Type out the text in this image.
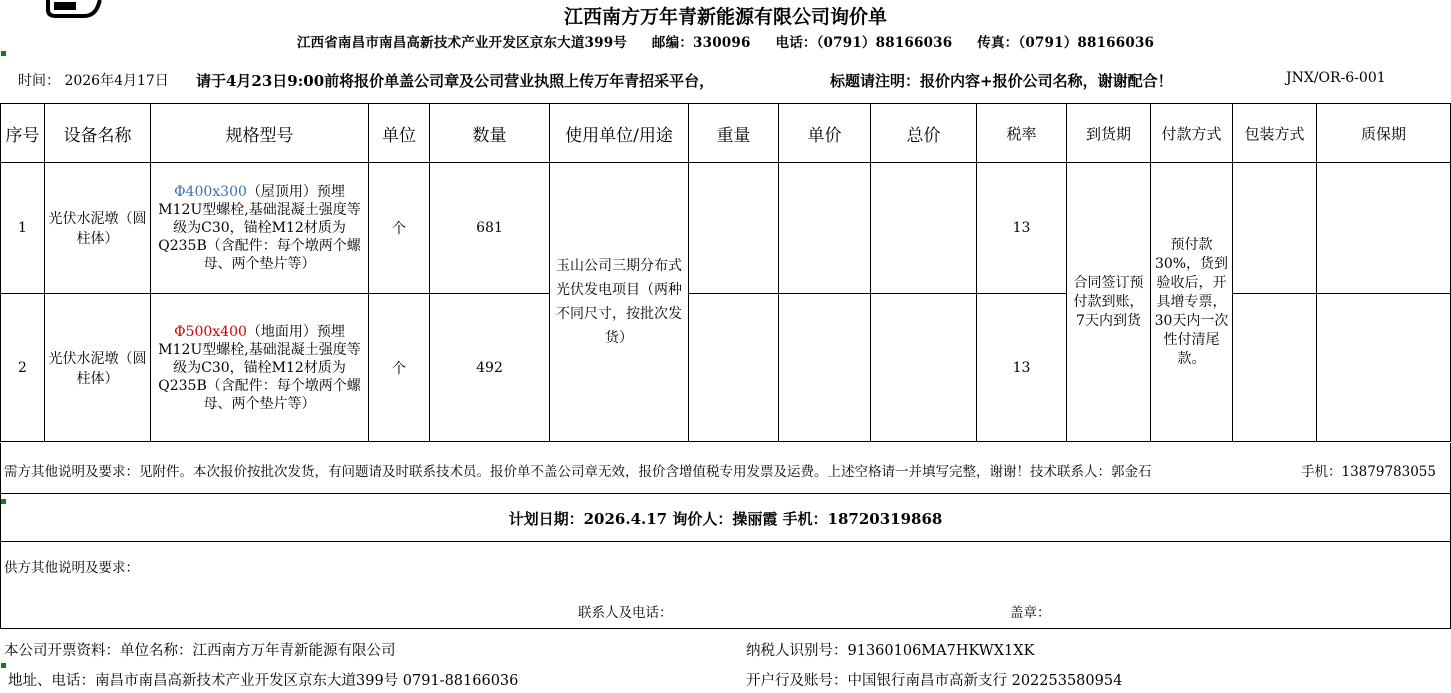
江西南方万年青新能源有限公司询价单
江西省南昌市南昌高新技术产业开发区京东大道399号 邮编：330096 电话：（0791）88166036 传真：（0791）88166036
时间： 2026年4月17日 请于4月23日9:00前将报价单盖公司章及公司营业执照上传万年青招采平台，	标题请注明：报价内容+报价公司名称，谢谢配合！	JNX/OR-6-001
序号	设备名称	规格型号	单位	数量	使用单位/用途	重量	单价	总价	税率	到货期	付款方式	包装方式	质保期
1	光伏水泥墩（圆柱体）	Φ400x300（屋顶用）预埋M12U型螺栓,基础混凝土强度等级为C30，锚栓M12材质为Q235B（含配件：每个墩两个螺母、两个垫片等）	个	681	玉山公司三期分布式光伏发电项目（两种不同尺寸，按批次发货）				13	合同签订预付款到账，7天内到货	预付款30%，货到验收后，开具增专票，30天内一次性付清尾款。		
2	光伏水泥墩（圆柱体）	Φ500x400（地面用）预埋M12U型螺栓,基础混凝土强度等级为C30，锚栓M12材质为Q235B（含配件：每个墩两个螺母、两个垫片等）	个	492					13				
需方其他说明及要求：见附件。本次报价按批次发货，有问题请及时联系技术员。报价单不盖公司章无效，报价含增值税专用发票及运费。上述空格请一并填写完整，谢谢！技术联系人：郭金石	手机：13879783055
计划日期：2026.4.17 询价人：操丽霞 手机：18720319868
供方其他说明及要求：
联系人及电话：	盖章：
本公司开票资料：单位名称：江西南方万年青新能源有限公司	纳税人识别号：91360106MA7HKWX1XK
地址、电话：南昌市南昌高新技术产业开发区京东大道399号 0791-88166036	开户行及账号：中国银行南昌市高新支行 202253580954
